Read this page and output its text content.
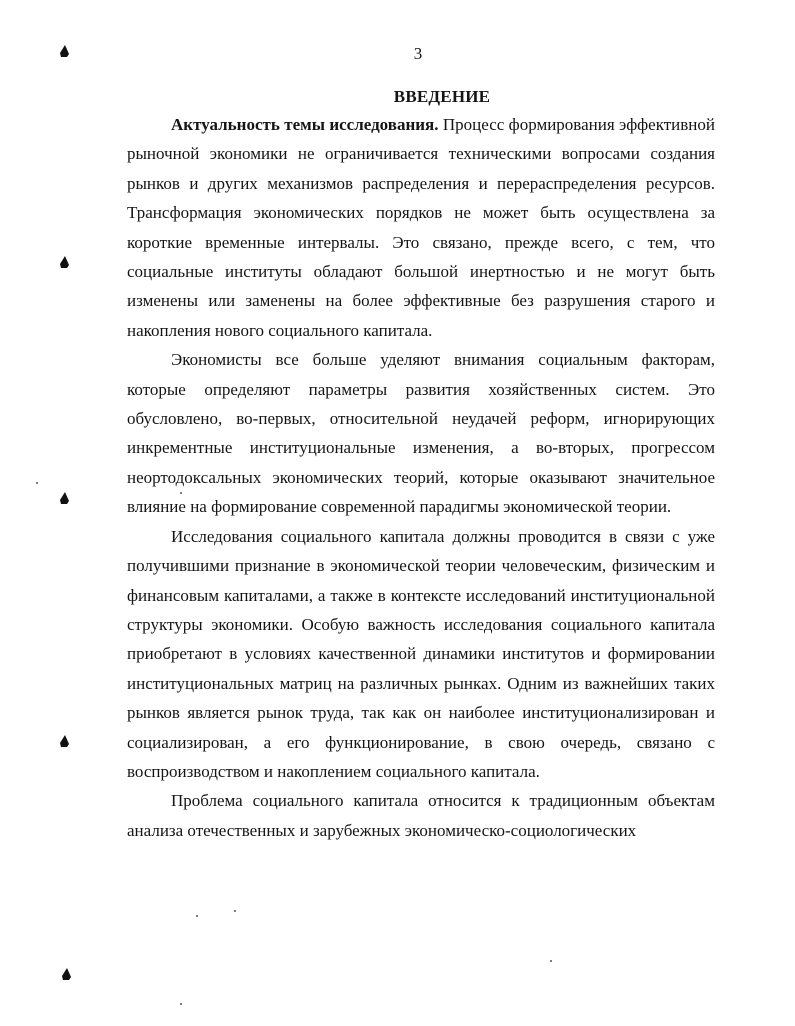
3
ВВЕДЕНИЕ

Актуальность темы исследования. Процесс формирования эффективной рыночной экономики не ограничивается техническими вопросами создания рынков и других механизмов распределения и перераспределения ресурсов. Трансформация экономических порядков не может быть осуществлена за короткие временные интервалы. Это связано, прежде всего, с тем, что социальные институты обладают большой инертностью и не могут быть изменены или заменены на более эффективные без разрушения старого и накопления нового социального капитала.

Экономисты все больше уделяют внимания социальным факторам, которые определяют параметры развития хозяйственных систем. Это обусловлено, во-первых, относительной неудачей реформ, игнорирующих инкрементные институциональные изменения, а во-вторых, прогрессом неортодоксальных экономических теорий, которые оказывают значительное влияние на формирование современной парадигмы экономической теории.

Исследования социального капитала должны проводится в связи с уже получившими признание в экономической теории человеческим, физическим и финансовым капиталами, а также в контексте исследований институциональной структуры экономики. Особую важность исследования социального капитала приобретают в условиях качественной динамики институтов и формировании институциональных матриц на различных рынках. Одним из важнейших таких рынков является рынок труда, так как он наиболее институционализирован и социализирован, а его функционирование, в свою очередь, связано с воспроизводством и накоплением социального капитала.

Проблема социального капитала относится к традиционным объектам анализа отечественных и зарубежных экономическо-социологических
